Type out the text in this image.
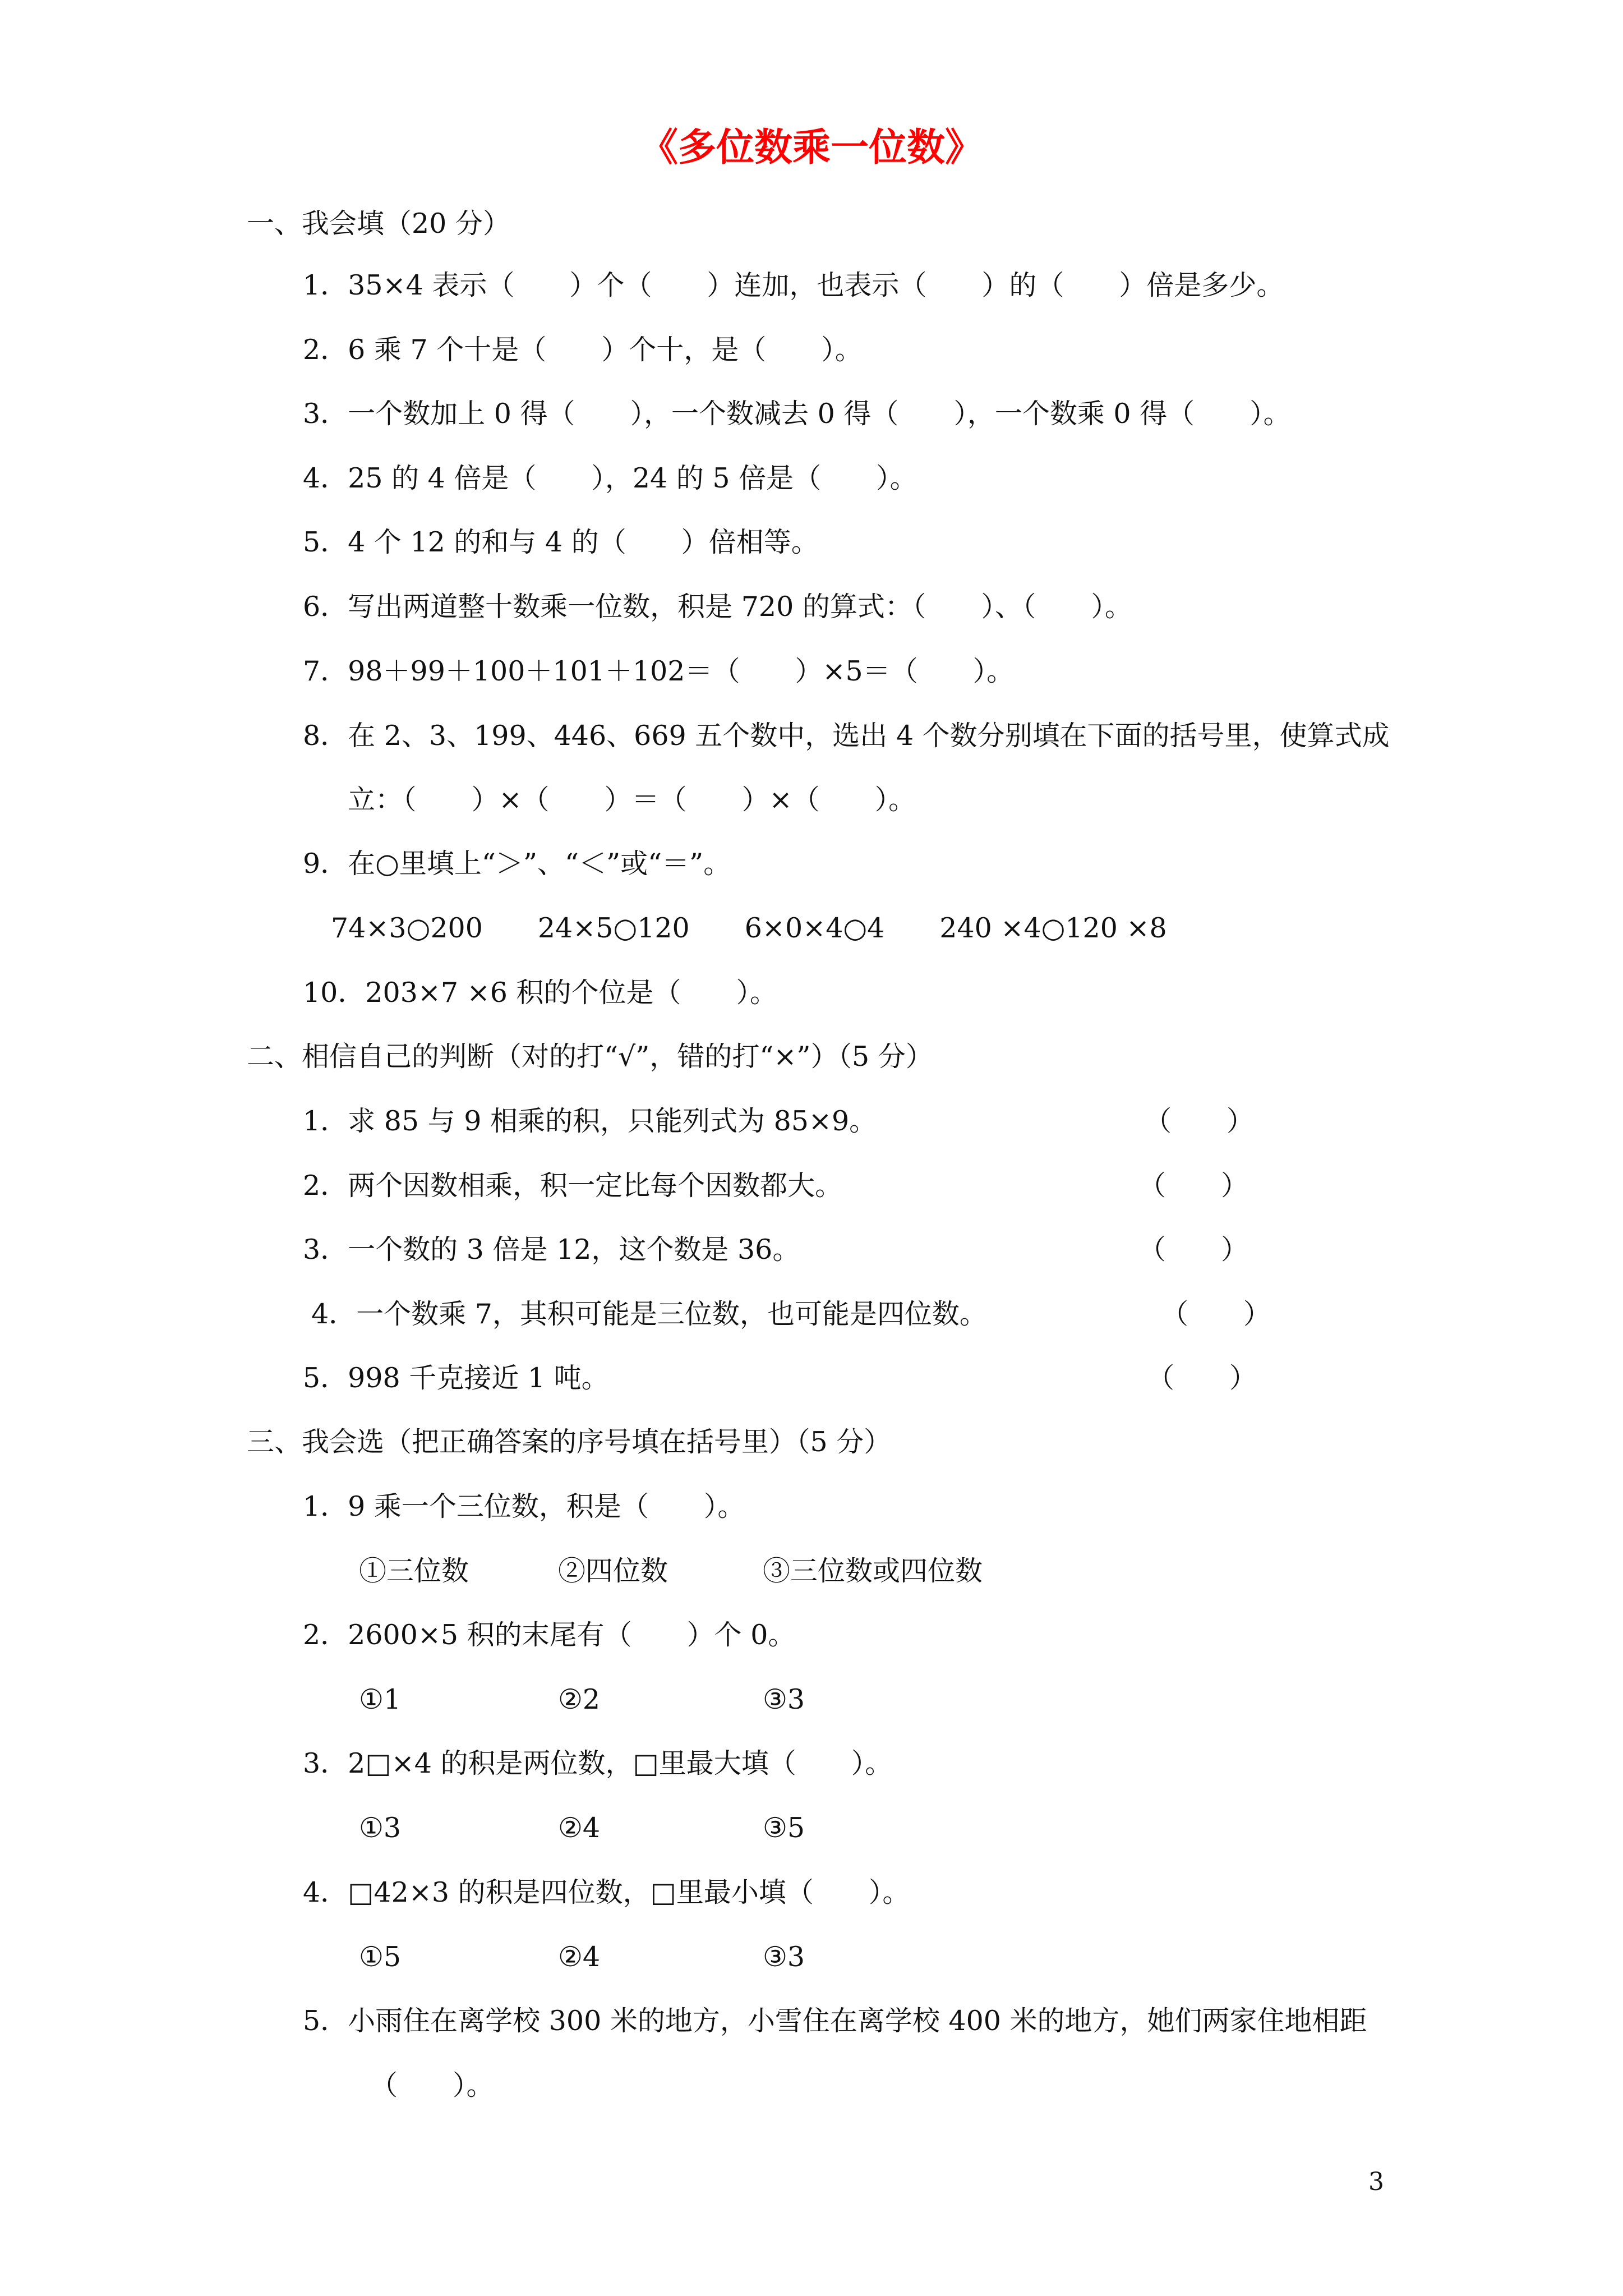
《多位数乘一位数》
一、我会填（20 分）
1．35×4 表示（　　）个（　　）连加，也表示（　　）的（　　）倍是多少。
2．6 乘 7 个十是（　　）个十，是（　　）。
3．一个数加上 0 得（　　），一个数减去 0 得（　　），一个数乘 0 得（　　）。
4．25 的 4 倍是（　　），24 的 5 倍是（　　）。
5．4 个 12 的和与 4 的（　　）倍相等。
6．写出两道整十数乘一位数，积是 720 的算式：（　　）、（　　）。
7．98＋99＋100＋101＋102＝（　　）×5＝（　　）。
8．在 2、3、199、446、669 五个数中，选出 4 个数分别填在下面的括号里，使算式成
立：（　　）×（　　）＝（　　）×（　　）。
9．在○里填上“＞”、“＜”或“＝”。
74×3○200　　24×5○120　　6×0×4○4　　240 ×4○120 ×8
10．203×7 ×6 积的个位是（　　）。
二、相信自己的判断（对的打“√”，错的打“×”）（5 分）
1．求 85 与 9 相乘的积，只能列式为 85×9。	（　　）
2．两个因数相乘，积一定比每个因数都大。	（　　）
3．一个数的 3 倍是 12，这个数是 36。	（　　）
4．一个数乘 7，其积可能是三位数，也可能是四位数。	（　　）
5．998 千克接近 1 吨。	（　　）
三、我会选（把正确答案的序号填在括号里）（5 分）
1．9 乘一个三位数，积是（　　）。
①三位数	②四位数	③三位数或四位数
2．2600×5 积的末尾有（　　）个 0。
①1	②2	③3
3．2□×4 的积是两位数，□里最大填（　　）。
①3	②4	③5
4．□42×3 的积是四位数，□里最小填（　　）。
①5	②4	③3
5．小雨住在离学校 300 米的地方，小雪住在离学校 400 米的地方，她们两家住地相距
（　　）。
3
